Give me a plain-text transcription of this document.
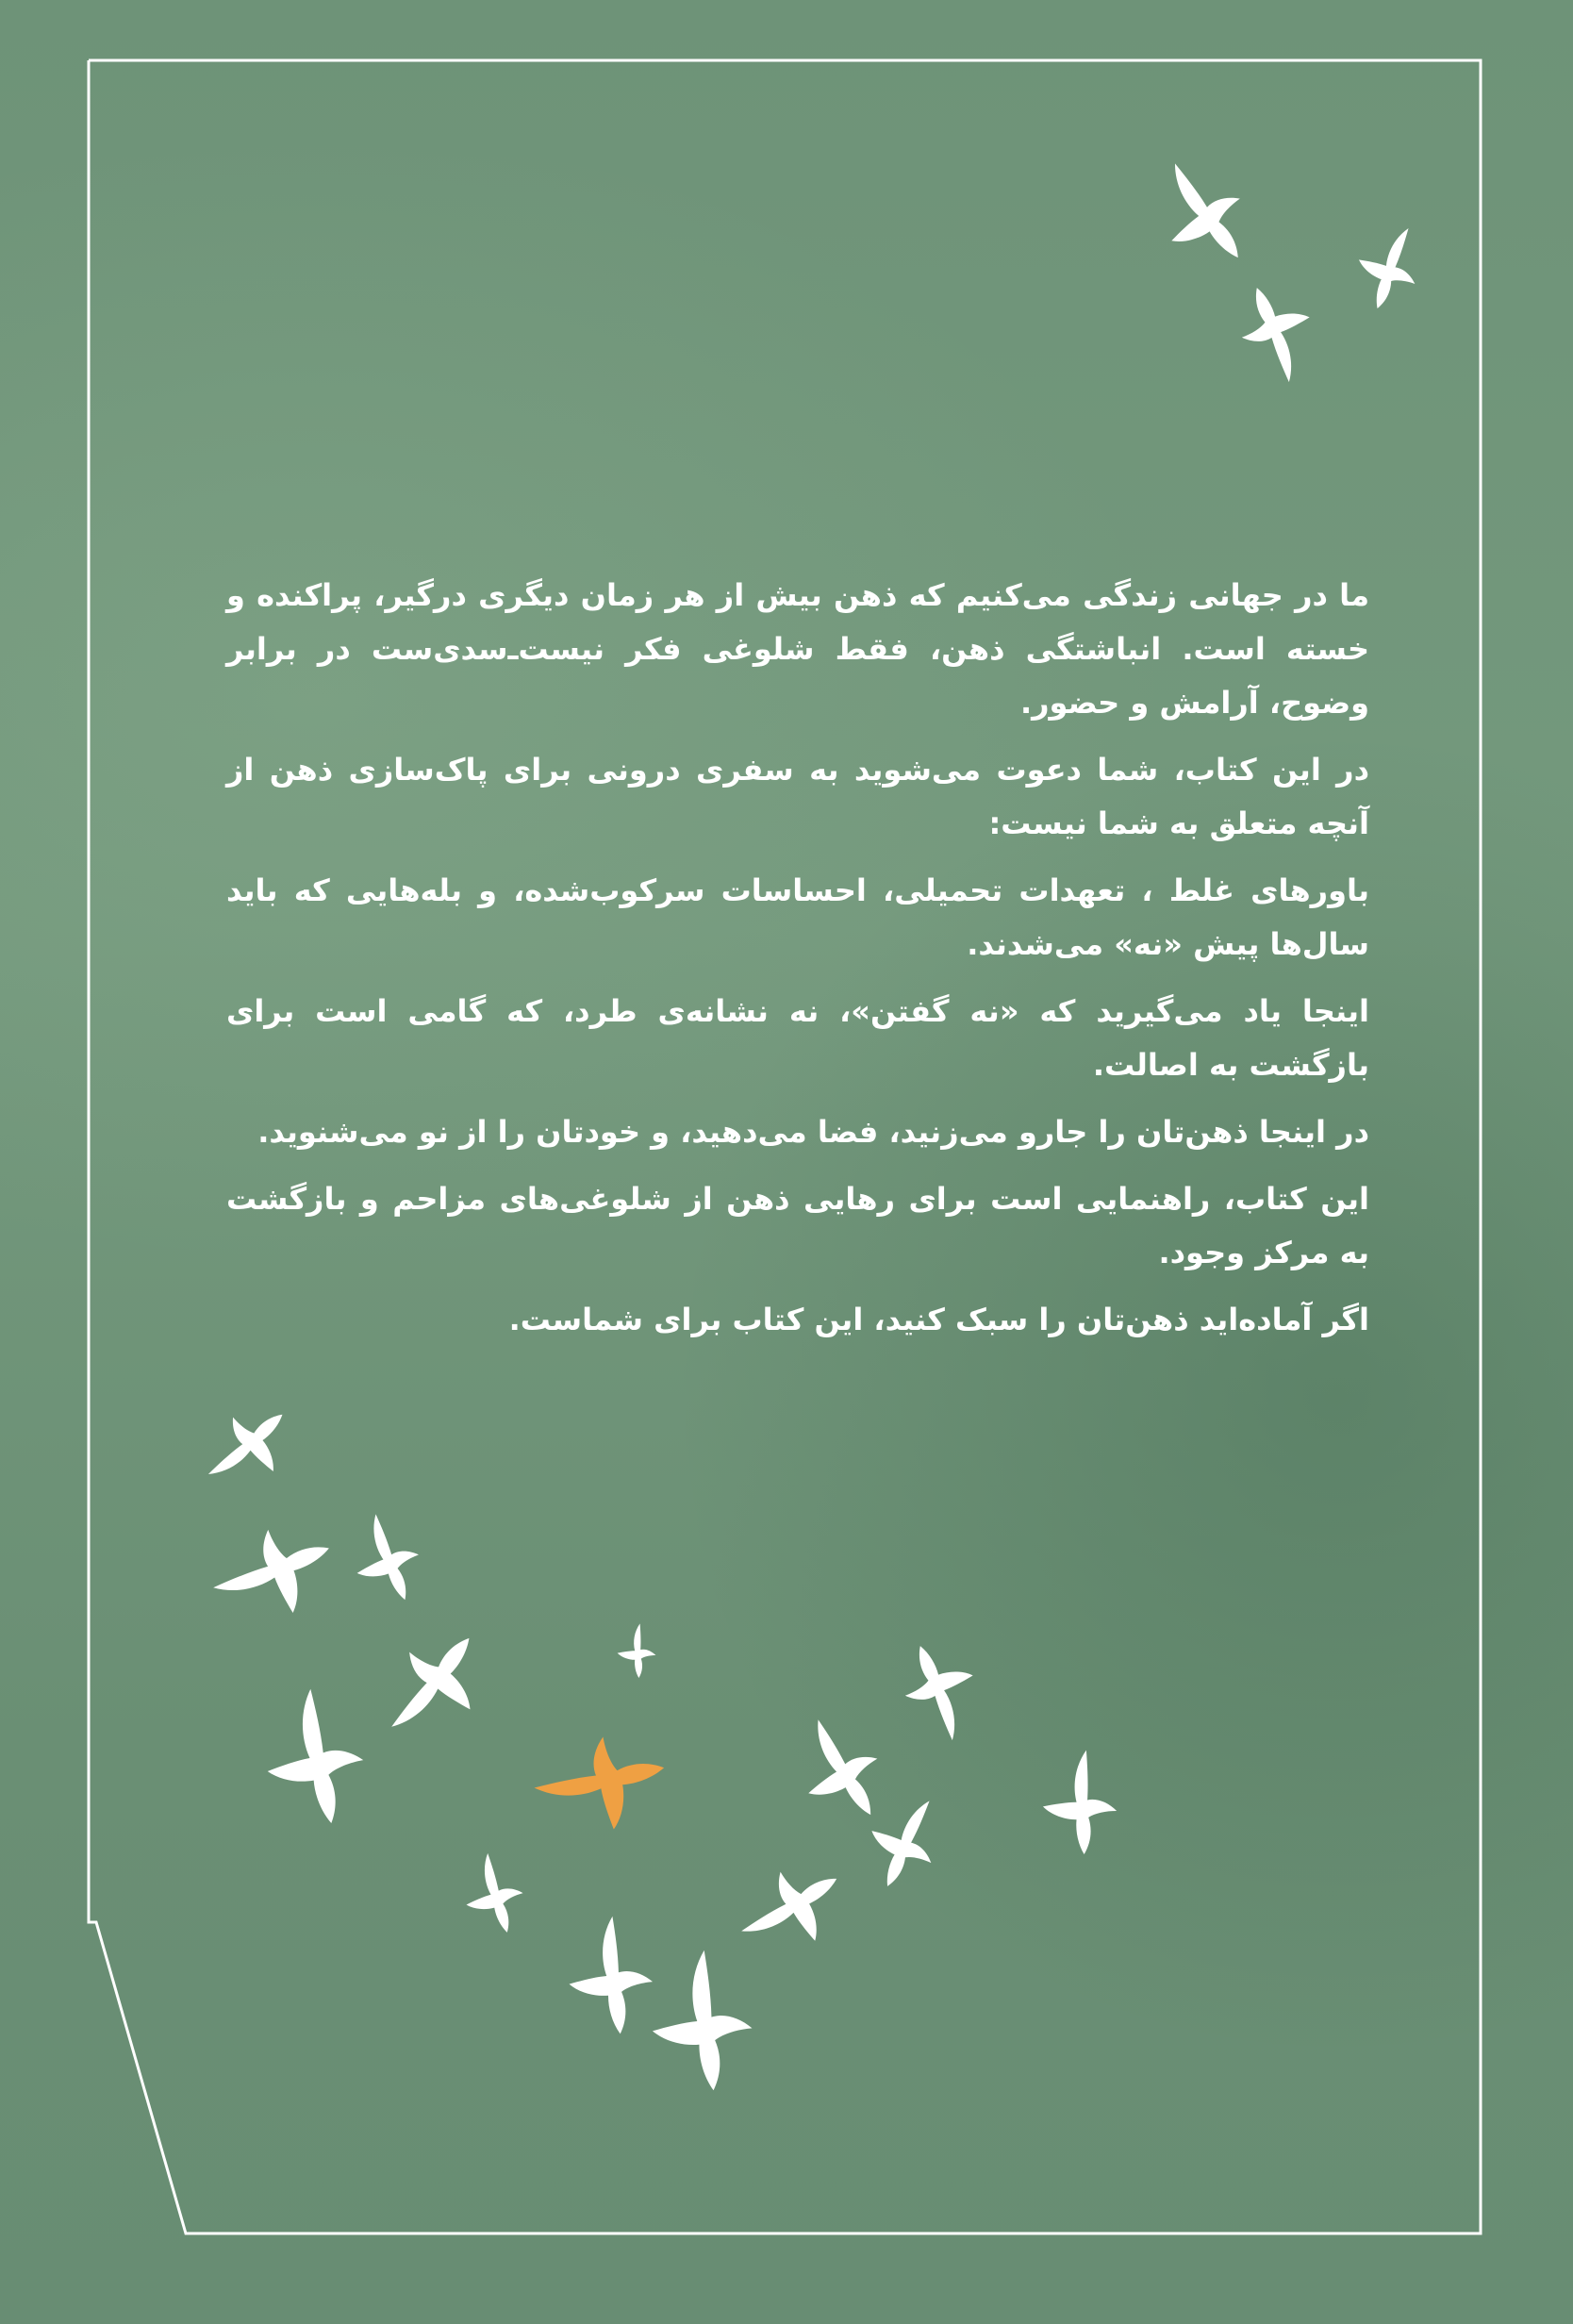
ما در جهانی زندگی می‌کنیم که ذهن بیش از هر زمان دیگری درگیر، پراکنده و خسته است. انباشتگی ذهن، فقط شلوغی فکر نیست‌ـ‌سدی‌ست در برابر وضوح، آرامش و حضور.

در این کتاب، شما دعوت می‌شوید به سفری درونی برای پاک‌سازی ذهن از آنچه متعلق به شما نیست:

باورهای غلط ، تعهدات تحمیلی، احساسات سرکوب‌شده، و بله‌هایی که باید سال‌ها پیش «نه» می‌شدند.

اینجا یاد می‌گیرید که «نه گفتن»، نه نشانه‌ی طرد، که گامی است برای بازگشت به اصالت.

در اینجا ذهن‌تان را جارو می‌زنید، فضا می‌دهید، و خودتان را از نو می‌شنوید.

این کتاب، راهنمایی است برای رهایی ذهن از شلوغی‌های مزاحم و بازگشت به مرکز وجود.

اگر آماده‌اید ذهن‌تان را سبک کنید، این کتاب برای شماست.
